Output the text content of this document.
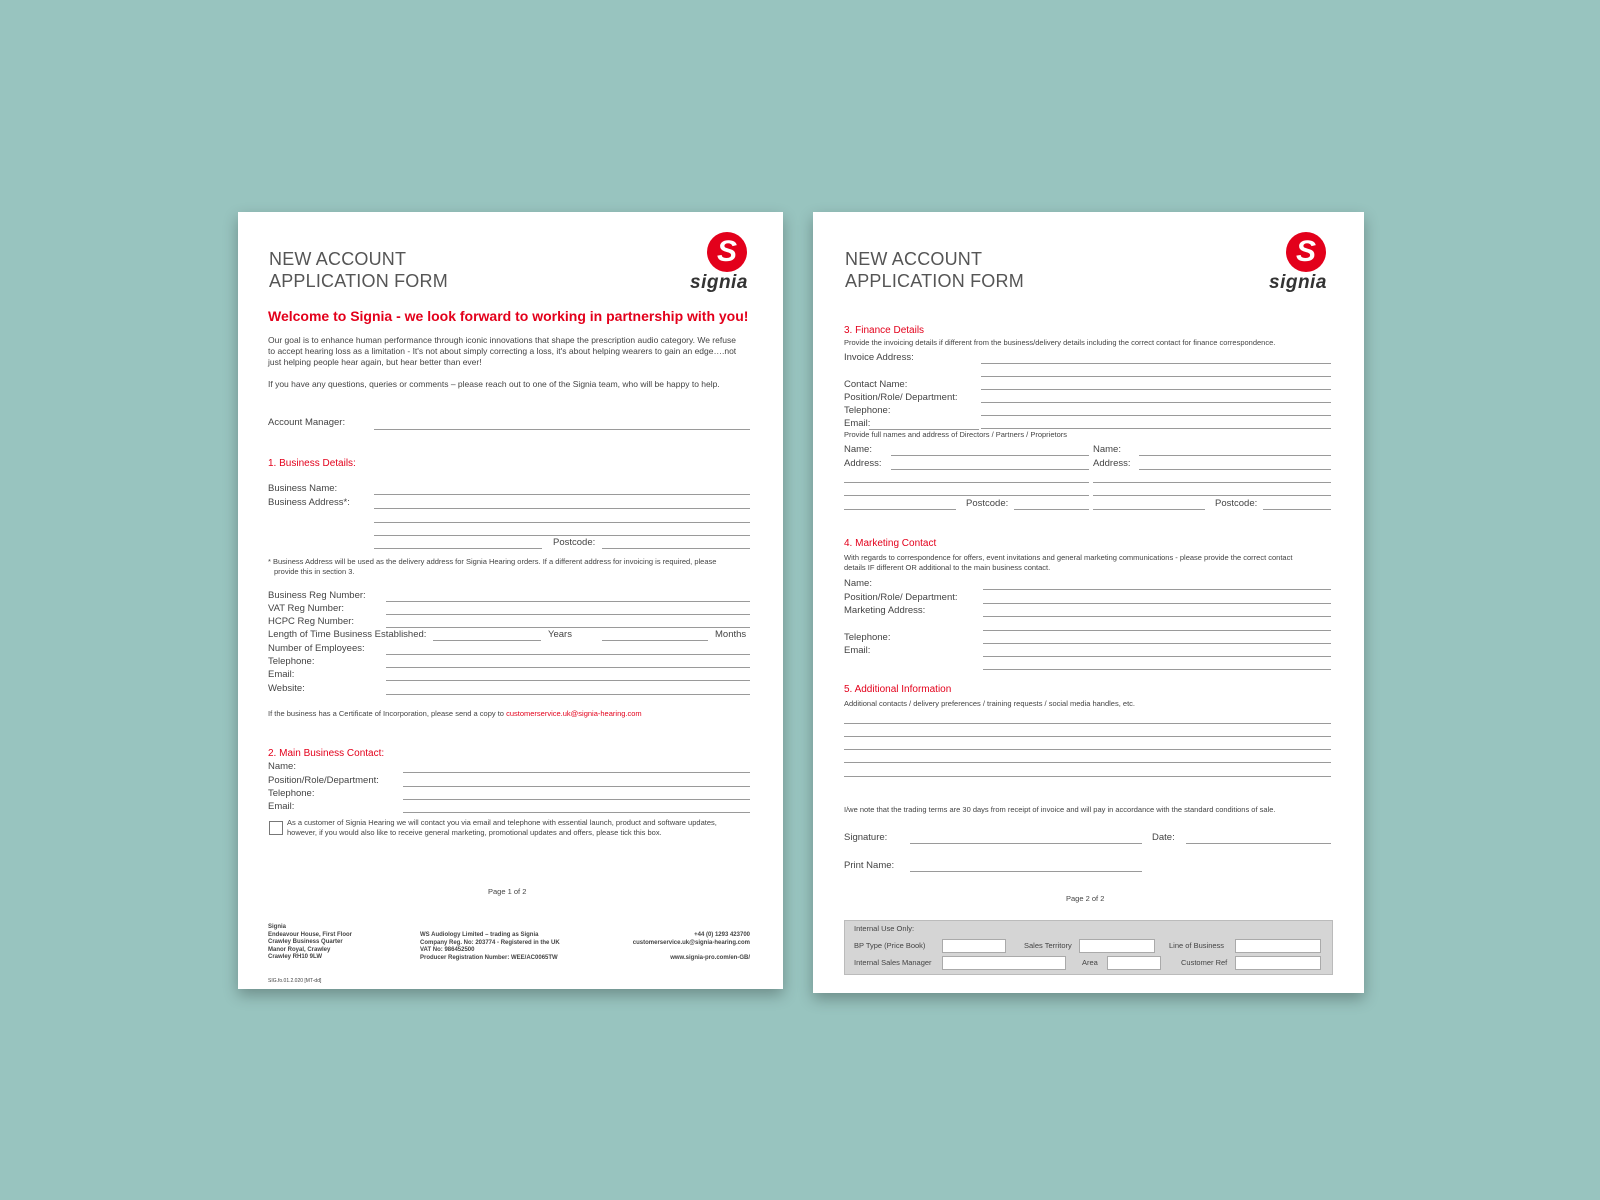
NEW ACCOUNT
APPLICATION FORM
S
signia
Welcome to Signia - we look forward to working in partnership with you!
Our goal is to enhance human performance through iconic innovations that shape the prescription audio category. We refuse
to accept hearing loss as a limitation - It's not about simply correcting a loss, it's about helping wearers to gain an edge….not
just helping people hear again, but hear better than ever!
If you have any questions, queries or comments – please reach out to one of the Signia team, who will be happy to help.
Account Manager:
1. Business Details:
Business Name:
Business Address*:
Postcode:
* Business Address will be used as the delivery address for Signia Hearing orders. If a different address for invoicing is required, please
provide this in section 3.
Business Reg Number:
VAT Reg Number:
HCPC Reg Number:
Length of Time Business Established:	Years	Months
Number of Employees:
Telephone:
Email:
Website:
If the business has a Certificate of Incorporation, please send a copy to customerservice.uk@signia-hearing.com
2. Main Business Contact:
Name:
Position/Role/Department:
Telephone:
Email:
As a customer of Signia Hearing we will contact you via email and telephone with essential launch, product and software updates,
however, if you would also like to receive general marketing, promotional updates and offers, please tick this box.
Page 1 of 2
Signia
Endeavour House, First Floor
Crawley Business Quarter
Manor Royal, Crawley
Crawley RH10 9LW
WS Audiology Limited – trading as Signia
Company Reg. No: 203774 - Registered in the UK
VAT No: 986452500
Producer Registration Number: WEE/AC0065TW
+44 (0) 1293 423700
customerservice.uk@signia-hearing.com
www.signia-pro.com/en-GB/
SIG.fo.01.2.020 [MT-dd]
NEW ACCOUNT
APPLICATION FORM
S
signia
3. Finance Details
Provide the invoicing details if different from the business/delivery details including the correct contact for finance correspondence.
Invoice Address:
Contact Name:
Position/Role/ Department:
Telephone:
Email:
Provide full names and address of Directors / Partners / Proprietors
Name:
Address:
Postcode:
Name:
Address:
Postcode:
4. Marketing Contact
With regards to correspondence for offers, event invitations and general marketing communications - please provide the correct contact
details IF different OR additional to the main business contact.
Name:
Position/Role/ Department:
Marketing Address:
Telephone:
Email:
5. Additional Information
Additional contacts / delivery preferences / training requests / social media handles, etc.
I/we note that the trading terms are 30 days from receipt of invoice and will pay in accordance with the standard conditions of sale.
Signature:	Date:
Print Name:
Page 2 of 2
Internal Use Only:
BP Type (Price Book)	Sales Territory	Line of Business
Internal Sales Manager	Area	Customer Ref
